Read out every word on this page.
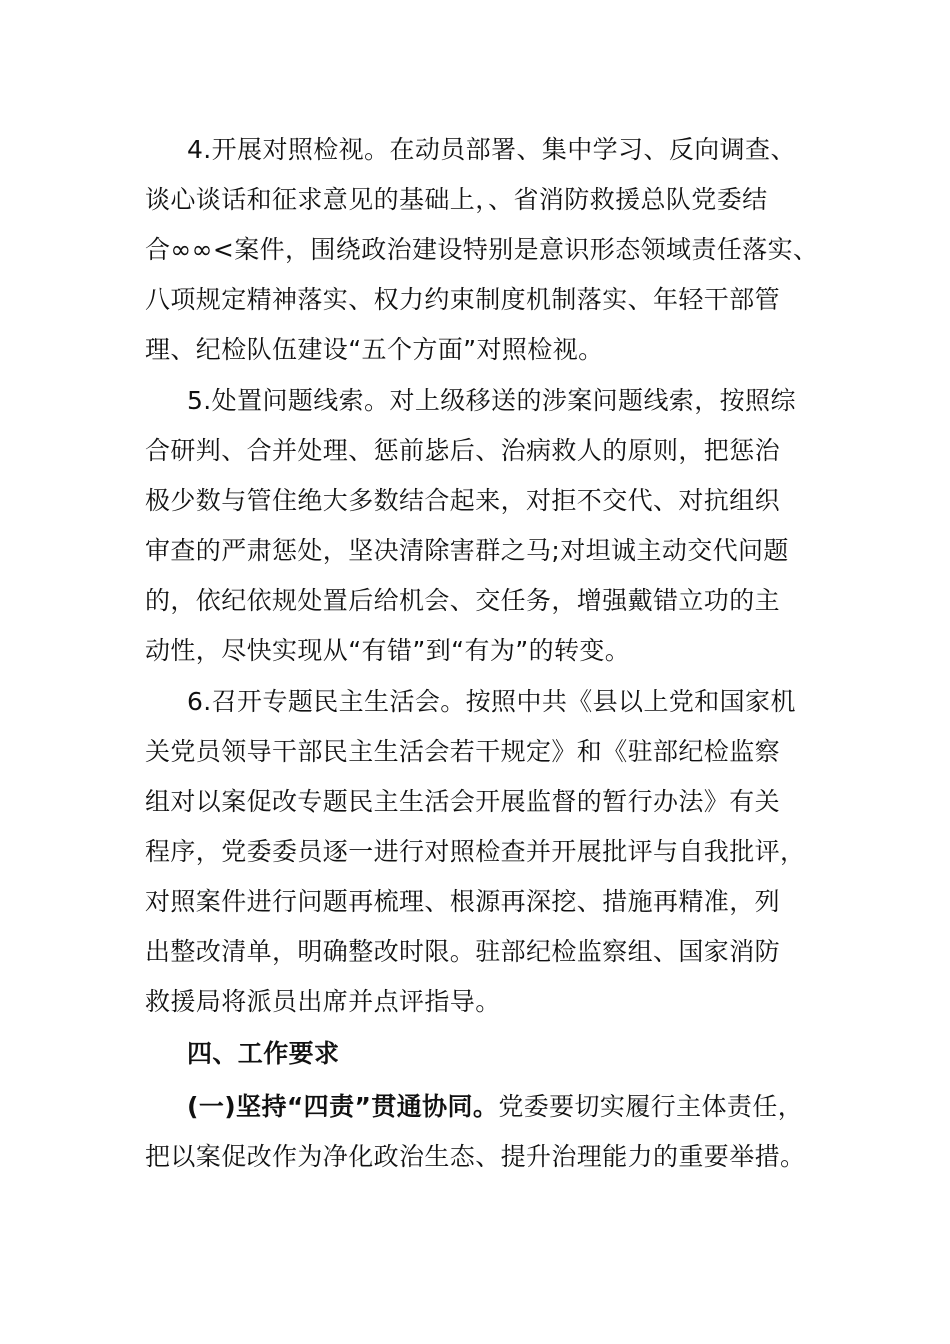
4.开展对照检视。在动员部署、集中学习、反向调查、
谈心谈话和征求意见的基础上，、省消防救援总队党委结
合∞∞<案件，围绕政治建设特别是意识形态领域责任落实、
八项规定精神落实、权力约束制度机制落实、年轻干部管
理、纪检队伍建设“五个方面”对照检视。
5.处置问题线索。对上级移送的涉案问题线索，按照综
合研判、合并处理、惩前毖后、治病救人的原则，把惩治
极少数与管住绝大多数结合起来，对拒不交代、对抗组织
审查的严肃惩处，坚决清除害群之马;对坦诚主动交代问题
的，依纪依规处置后给机会、交任务，增强戴错立功的主
动性，尽快实现从“有错”到“有为”的转变。
6.召开专题民主生活会。按照中共《县以上党和国家机
关党员领导干部民主生活会若干规定》和《驻部纪检监察
组对以案促改专题民主生活会开展监督的暂行办法》有关
程序，党委委员逐一进行对照检查并开展批评与自我批评，
对照案件进行问题再梳理、根源再深挖、措施再精准，列
出整改清单，明确整改时限。驻部纪检监察组、国家消防
救援局将派员出席并点评指导。
四、工作要求
(一)坚持“四责”贯通协同。党委要切实履行主体责任，
把以案促改作为净化政治生态、提升治理能力的重要举措。
